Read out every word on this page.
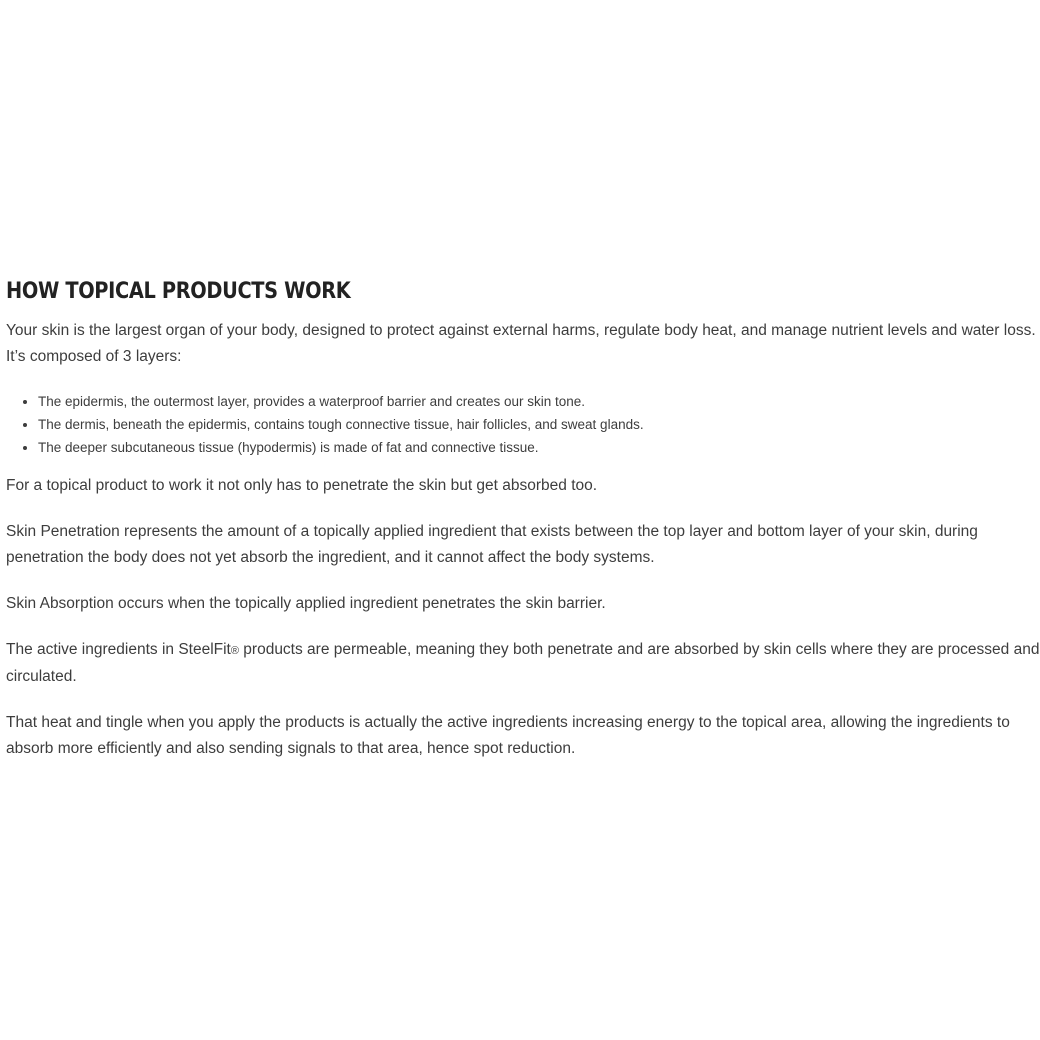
HOW TOPICAL PRODUCTS WORK

Your skin is the largest organ of your body, designed to protect against external harms, regulate body heat, and manage nutrient levels and water loss. It’s composed of 3 layers:

• The epidermis, the outermost layer, provides a waterproof barrier and creates our skin tone.
• The dermis, beneath the epidermis, contains tough connective tissue, hair follicles, and sweat glands.
• The deeper subcutaneous tissue (hypodermis) is made of fat and connective tissue.

For a topical product to work it not only has to penetrate the skin but get absorbed too.

Skin Penetration represents the amount of a topically applied ingredient that exists between the top layer and bottom layer of your skin, during penetration the body does not yet absorb the ingredient, and it cannot affect the body systems.

Skin Absorption occurs when the topically applied ingredient penetrates the skin barrier.

The active ingredients in SteelFit® products are permeable, meaning they both penetrate and are absorbed by skin cells where they are processed and circulated.

That heat and tingle when you apply the products is actually the active ingredients increasing energy to the topical area, allowing the ingredients to absorb more efficiently and also sending signals to that area, hence spot reduction.
